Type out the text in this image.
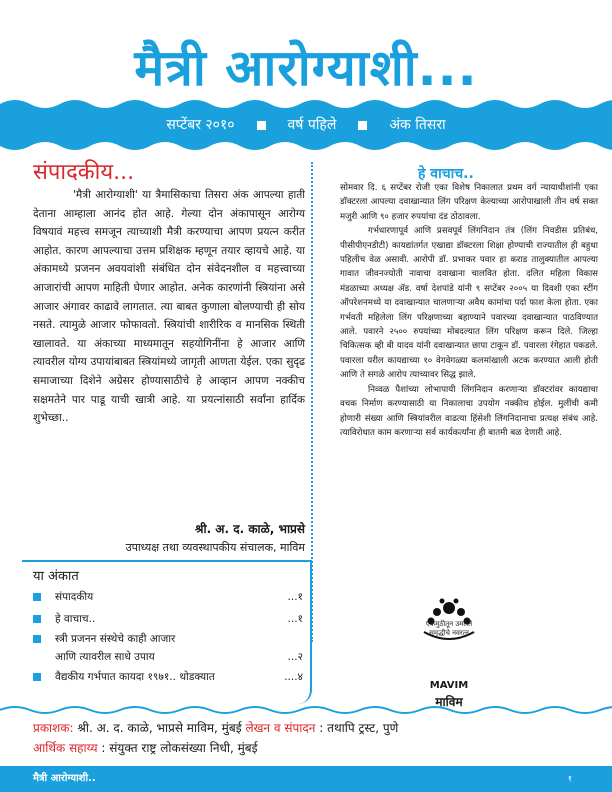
मैत्री आरोग्याशी...
सप्टेंबर २०१०	वर्ष पहिले	अंक तिसरा
संपादकीय...
'मैत्री आरोग्याशी' या त्रैमासिकाचा तिसरा अंक आपल्या हाती देताना आम्हाला आनंद होत आहे. गेल्या दोन अंकापासून आरोग्य विषयावं महत्त्व समजून त्याच्याशी मैत्री करण्याचा आपण प्रयत्न करीत आहोत. कारण आपल्याचा उत्तम प्रशिक्षक म्हणून तयार व्हायचे आहे. या अंकामध्ये प्रजनन अवयवांशी संबंधित दोन संवेदनशील व महत्त्वाच्या आजारांची आपण माहिती घेणार आहोत. अनेक कारणांनी स्त्रियांना असे आजार अंगावर काढावे लागतात. त्या बाबत कुणाला बोलण्याची ही सोय नसते. त्यामुळे आजार फोफावतो. स्त्रियांची शारीरिक व मानसिक स्थिती खालावते. या अंकाच्या माध्यमातून सहयोगिनींना हे आजार आणि त्यावरील योग्य उपायांबाबत स्त्रियांमध्ये जागृती आणता येईल. एका सुदृढ समाजाच्या दिशेने अग्रेसर होण्यासाठीचे हे आव्हान आपण नक्कीच सक्षमतेने पार पाडू याची खात्री आहे. या प्रयत्नांसाठी सर्वांना हार्दिक शुभेच्छा..
श्री. अ. द. काळे, भाप्रसे
उपाध्यक्ष तथा व्यवस्थापकीय संचालक, माविम
या अंकात
संपादकीय	...१
हे वाचाच..	...१
स्त्री प्रजनन संस्थेचे काही आजार
आणि त्यावरील साधे उपाय	...२
वैद्यकीय गर्भपात कायदा १९७१.. थोडक्यात	....४
हे वाचाच..

सोमवार दि. ६ सप्टेंबर रोजी एका विशेष निकालात प्रथम वर्ग न्यायाधीशांनी एका डॉक्टरला आपल्या दवाखान्यात लिंग परिक्षण केल्याच्या आरोपाखाली तीन वर्ष सक्त मजुरी आणि ९० हजार रुपयांचा दंड ठोठावला.

गर्भधारणापूर्व आणि प्रसवपूर्व लिंगनिदान तंत्र (लिंग निवडीस प्रतिबंध, पीसीपीएनडीटी) कायद्यांतर्गत एखाद्या डॉक्टरला शिक्षा होण्याची राज्यातील ही बहुधा पहिलीच वेळ असावी. आरोपी डॉ. प्रभाकर पवार हा कराड तालुक्यातील आपल्या गावात जीवनज्योती नावाचा दवाखाना चालवित होता. दलित महिला विकास मंडळाच्या अध्यक्ष ॲड. वर्षा देशपांडे यांनी ९ सप्टेंबर २००५ या दिवशी एका स्टींग ऑपरेशनमध्ये या दवाखान्यात चालणाऱ्या अवैध कामांचा पर्दा फाश केला होता. एका गर्भवती महिलेला लिंग परिक्षणाच्या बहाण्याने पवारच्या दवाखान्यात पाठविण्यात आले. पवारने २५०० रुपयांच्या मोबदल्यात लिंग परिक्षण करून दिले. जिल्हा चिकित्सक व्ही बी यादव यांनी दवाखान्यात छापा टाकून डॉ. पवारला रंगेहात पकडले. पवारला यरील कायद्याच्या १० वेगवेगळ्या कलमांखाली अटक करण्यात आली होती आणि ते सगळे आरोप त्याच्यावर सिद्ध झाले.

निव्वळ पैशांच्या लोभापायी लिंगनिदान करणाऱ्या डॉक्टरांवर कायद्याचा वचक निर्माण करण्यासाठी या निकालाचा उपयोग नक्कीच होईल. मुलींची कमी होणारी संख्या आणि स्त्रियांवरील वाढत्या हिंसेशी लिंगनिदानाचा प्रत्यक्ष संबंध आहे. त्याविरोधात काम करणाऱ्या सर्व कार्यकर्त्यांना ही बातमी बळ देणारी आहे.

एकमुठीतून उमलते समृद्धीचे नवरत्न
MAVIM
माविम
प्रकाशक: श्री. अ. द. काळे, भाप्रसे माविम, मुंबई लेखन व संपादन : तथापि ट्रस्ट, पुणे
आर्थिक सहाय्य : संयुक्त राष्ट्र लोकसंख्या निधी, मुंबई
मैत्री आरोग्याशी..	१
